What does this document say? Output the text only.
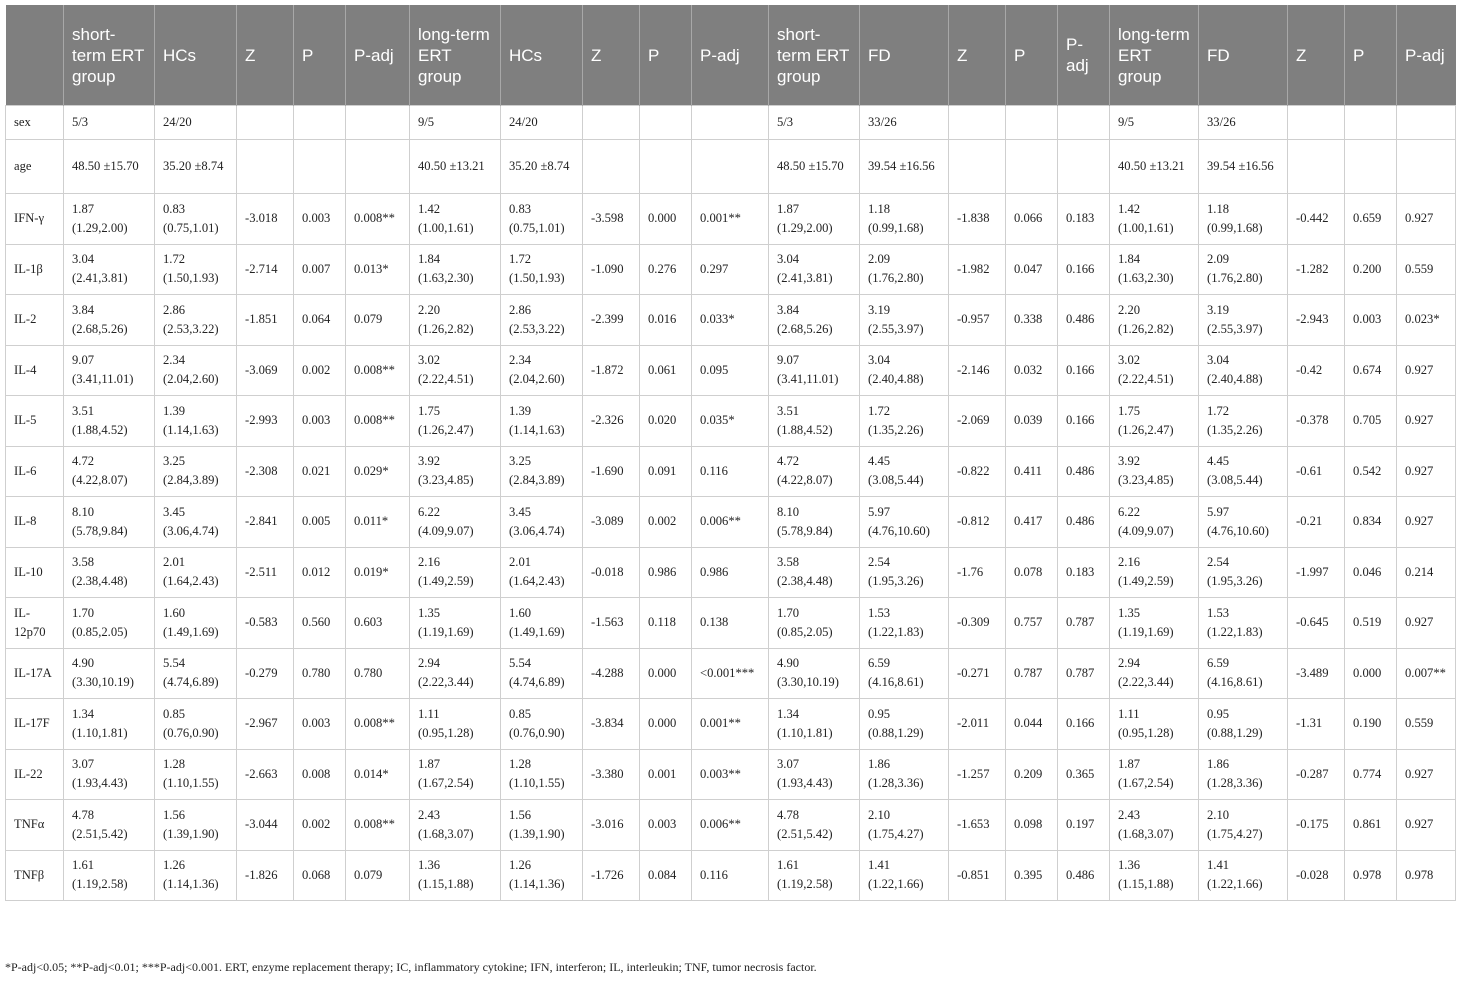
	short-term ERT group	HCs	Z	P	P-adj	long-term ERT group	HCs	Z	P	P-adj	short-term ERT group	FD	Z	P	P-adj	long-term ERT group	FD	Z	P	P-adj
sex	5/3	24/20				9/5	24/20				5/3	33/26				9/5	33/26			
age	48.50 ±15.70	35.20 ±8.74				40.50 ±13.21	35.20 ±8.74				48.50 ±15.70	39.54 ±16.56				40.50 ±13.21	39.54 ±16.56			
IFN-γ	1.87 (1.29,2.00)	0.83 (0.75,1.01)	-3.018	0.003	0.008**	1.42 (1.00,1.61)	0.83 (0.75,1.01)	-3.598	0.000	0.001**	1.87 (1.29,2.00)	1.18 (0.99,1.68)	-1.838	0.066	0.183	1.42 (1.00,1.61)	1.18 (0.99,1.68)	-0.442	0.659	0.927
IL-1β	3.04 (2.41,3.81)	1.72 (1.50,1.93)	-2.714	0.007	0.013*	1.84 (1.63,2.30)	1.72 (1.50,1.93)	-1.090	0.276	0.297	3.04 (2.41,3.81)	2.09 (1.76,2.80)	-1.982	0.047	0.166	1.84 (1.63,2.30)	2.09 (1.76,2.80)	-1.282	0.200	0.559
IL-2	3.84 (2.68,5.26)	2.86 (2.53,3.22)	-1.851	0.064	0.079	2.20 (1.26,2.82)	2.86 (2.53,3.22)	-2.399	0.016	0.033*	3.84 (2.68,5.26)	3.19 (2.55,3.97)	-0.957	0.338	0.486	2.20 (1.26,2.82)	3.19 (2.55,3.97)	-2.943	0.003	0.023*
IL-4	9.07 (3.41,11.01)	2.34 (2.04,2.60)	-3.069	0.002	0.008**	3.02 (2.22,4.51)	2.34 (2.04,2.60)	-1.872	0.061	0.095	9.07 (3.41,11.01)	3.04 (2.40,4.88)	-2.146	0.032	0.166	3.02 (2.22,4.51)	3.04 (2.40,4.88)	-0.42	0.674	0.927
IL-5	3.51 (1.88,4.52)	1.39 (1.14,1.63)	-2.993	0.003	0.008**	1.75 (1.26,2.47)	1.39 (1.14,1.63)	-2.326	0.020	0.035*	3.51 (1.88,4.52)	1.72 (1.35,2.26)	-2.069	0.039	0.166	1.75 (1.26,2.47)	1.72 (1.35,2.26)	-0.378	0.705	0.927
IL-6	4.72 (4.22,8.07)	3.25 (2.84,3.89)	-2.308	0.021	0.029*	3.92 (3.23,4.85)	3.25 (2.84,3.89)	-1.690	0.091	0.116	4.72 (4.22,8.07)	4.45 (3.08,5.44)	-0.822	0.411	0.486	3.92 (3.23,4.85)	4.45 (3.08,5.44)	-0.61	0.542	0.927
IL-8	8.10 (5.78,9.84)	3.45 (3.06,4.74)	-2.841	0.005	0.011*	6.22 (4.09,9.07)	3.45 (3.06,4.74)	-3.089	0.002	0.006**	8.10 (5.78,9.84)	5.97 (4.76,10.60)	-0.812	0.417	0.486	6.22 (4.09,9.07)	5.97 (4.76,10.60)	-0.21	0.834	0.927
IL-10	3.58 (2.38,4.48)	2.01 (1.64,2.43)	-2.511	0.012	0.019*	2.16 (1.49,2.59)	2.01 (1.64,2.43)	-0.018	0.986	0.986	3.58 (2.38,4.48)	2.54 (1.95,3.26)	-1.76	0.078	0.183	2.16 (1.49,2.59)	2.54 (1.95,3.26)	-1.997	0.046	0.214
IL-12p70	1.70 (0.85,2.05)	1.60 (1.49,1.69)	-0.583	0.560	0.603	1.35 (1.19,1.69)	1.60 (1.49,1.69)	-1.563	0.118	0.138	1.70 (0.85,2.05)	1.53 (1.22,1.83)	-0.309	0.757	0.787	1.35 (1.19,1.69)	1.53 (1.22,1.83)	-0.645	0.519	0.927
IL-17A	4.90 (3.30,10.19)	5.54 (4.74,6.89)	-0.279	0.780	0.780	2.94 (2.22,3.44)	5.54 (4.74,6.89)	-4.288	0.000	<0.001***	4.90 (3.30,10.19)	6.59 (4.16,8.61)	-0.271	0.787	0.787	2.94 (2.22,3.44)	6.59 (4.16,8.61)	-3.489	0.000	0.007**
IL-17F	1.34 (1.10,1.81)	0.85 (0.76,0.90)	-2.967	0.003	0.008**	1.11 (0.95,1.28)	0.85 (0.76,0.90)	-3.834	0.000	0.001**	1.34 (1.10,1.81)	0.95 (0.88,1.29)	-2.011	0.044	0.166	1.11 (0.95,1.28)	0.95 (0.88,1.29)	-1.31	0.190	0.559
IL-22	3.07 (1.93,4.43)	1.28 (1.10,1.55)	-2.663	0.008	0.014*	1.87 (1.67,2.54)	1.28 (1.10,1.55)	-3.380	0.001	0.003**	3.07 (1.93,4.43)	1.86 (1.28,3.36)	-1.257	0.209	0.365	1.87 (1.67,2.54)	1.86 (1.28,3.36)	-0.287	0.774	0.927
TNFα	4.78 (2.51,5.42)	1.56 (1.39,1.90)	-3.044	0.002	0.008**	2.43 (1.68,3.07)	1.56 (1.39,1.90)	-3.016	0.003	0.006**	4.78 (2.51,5.42)	2.10 (1.75,4.27)	-1.653	0.098	0.197	2.43 (1.68,3.07)	2.10 (1.75,4.27)	-0.175	0.861	0.927
TNFβ	1.61 (1.19,2.58)	1.26 (1.14,1.36)	-1.826	0.068	0.079	1.36 (1.15,1.88)	1.26 (1.14,1.36)	-1.726	0.084	0.116	1.61 (1.19,2.58)	1.41 (1.22,1.66)	-0.851	0.395	0.486	1.36 (1.15,1.88)	1.41 (1.22,1.66)	-0.028	0.978	0.978
*P-adj<0.05; **P-adj<0.01; ***P-adj<0.001. ERT, enzyme replacement therapy; IC, inflammatory cytokine; IFN, interferon; IL, interleukin; TNF, tumor necrosis factor.
